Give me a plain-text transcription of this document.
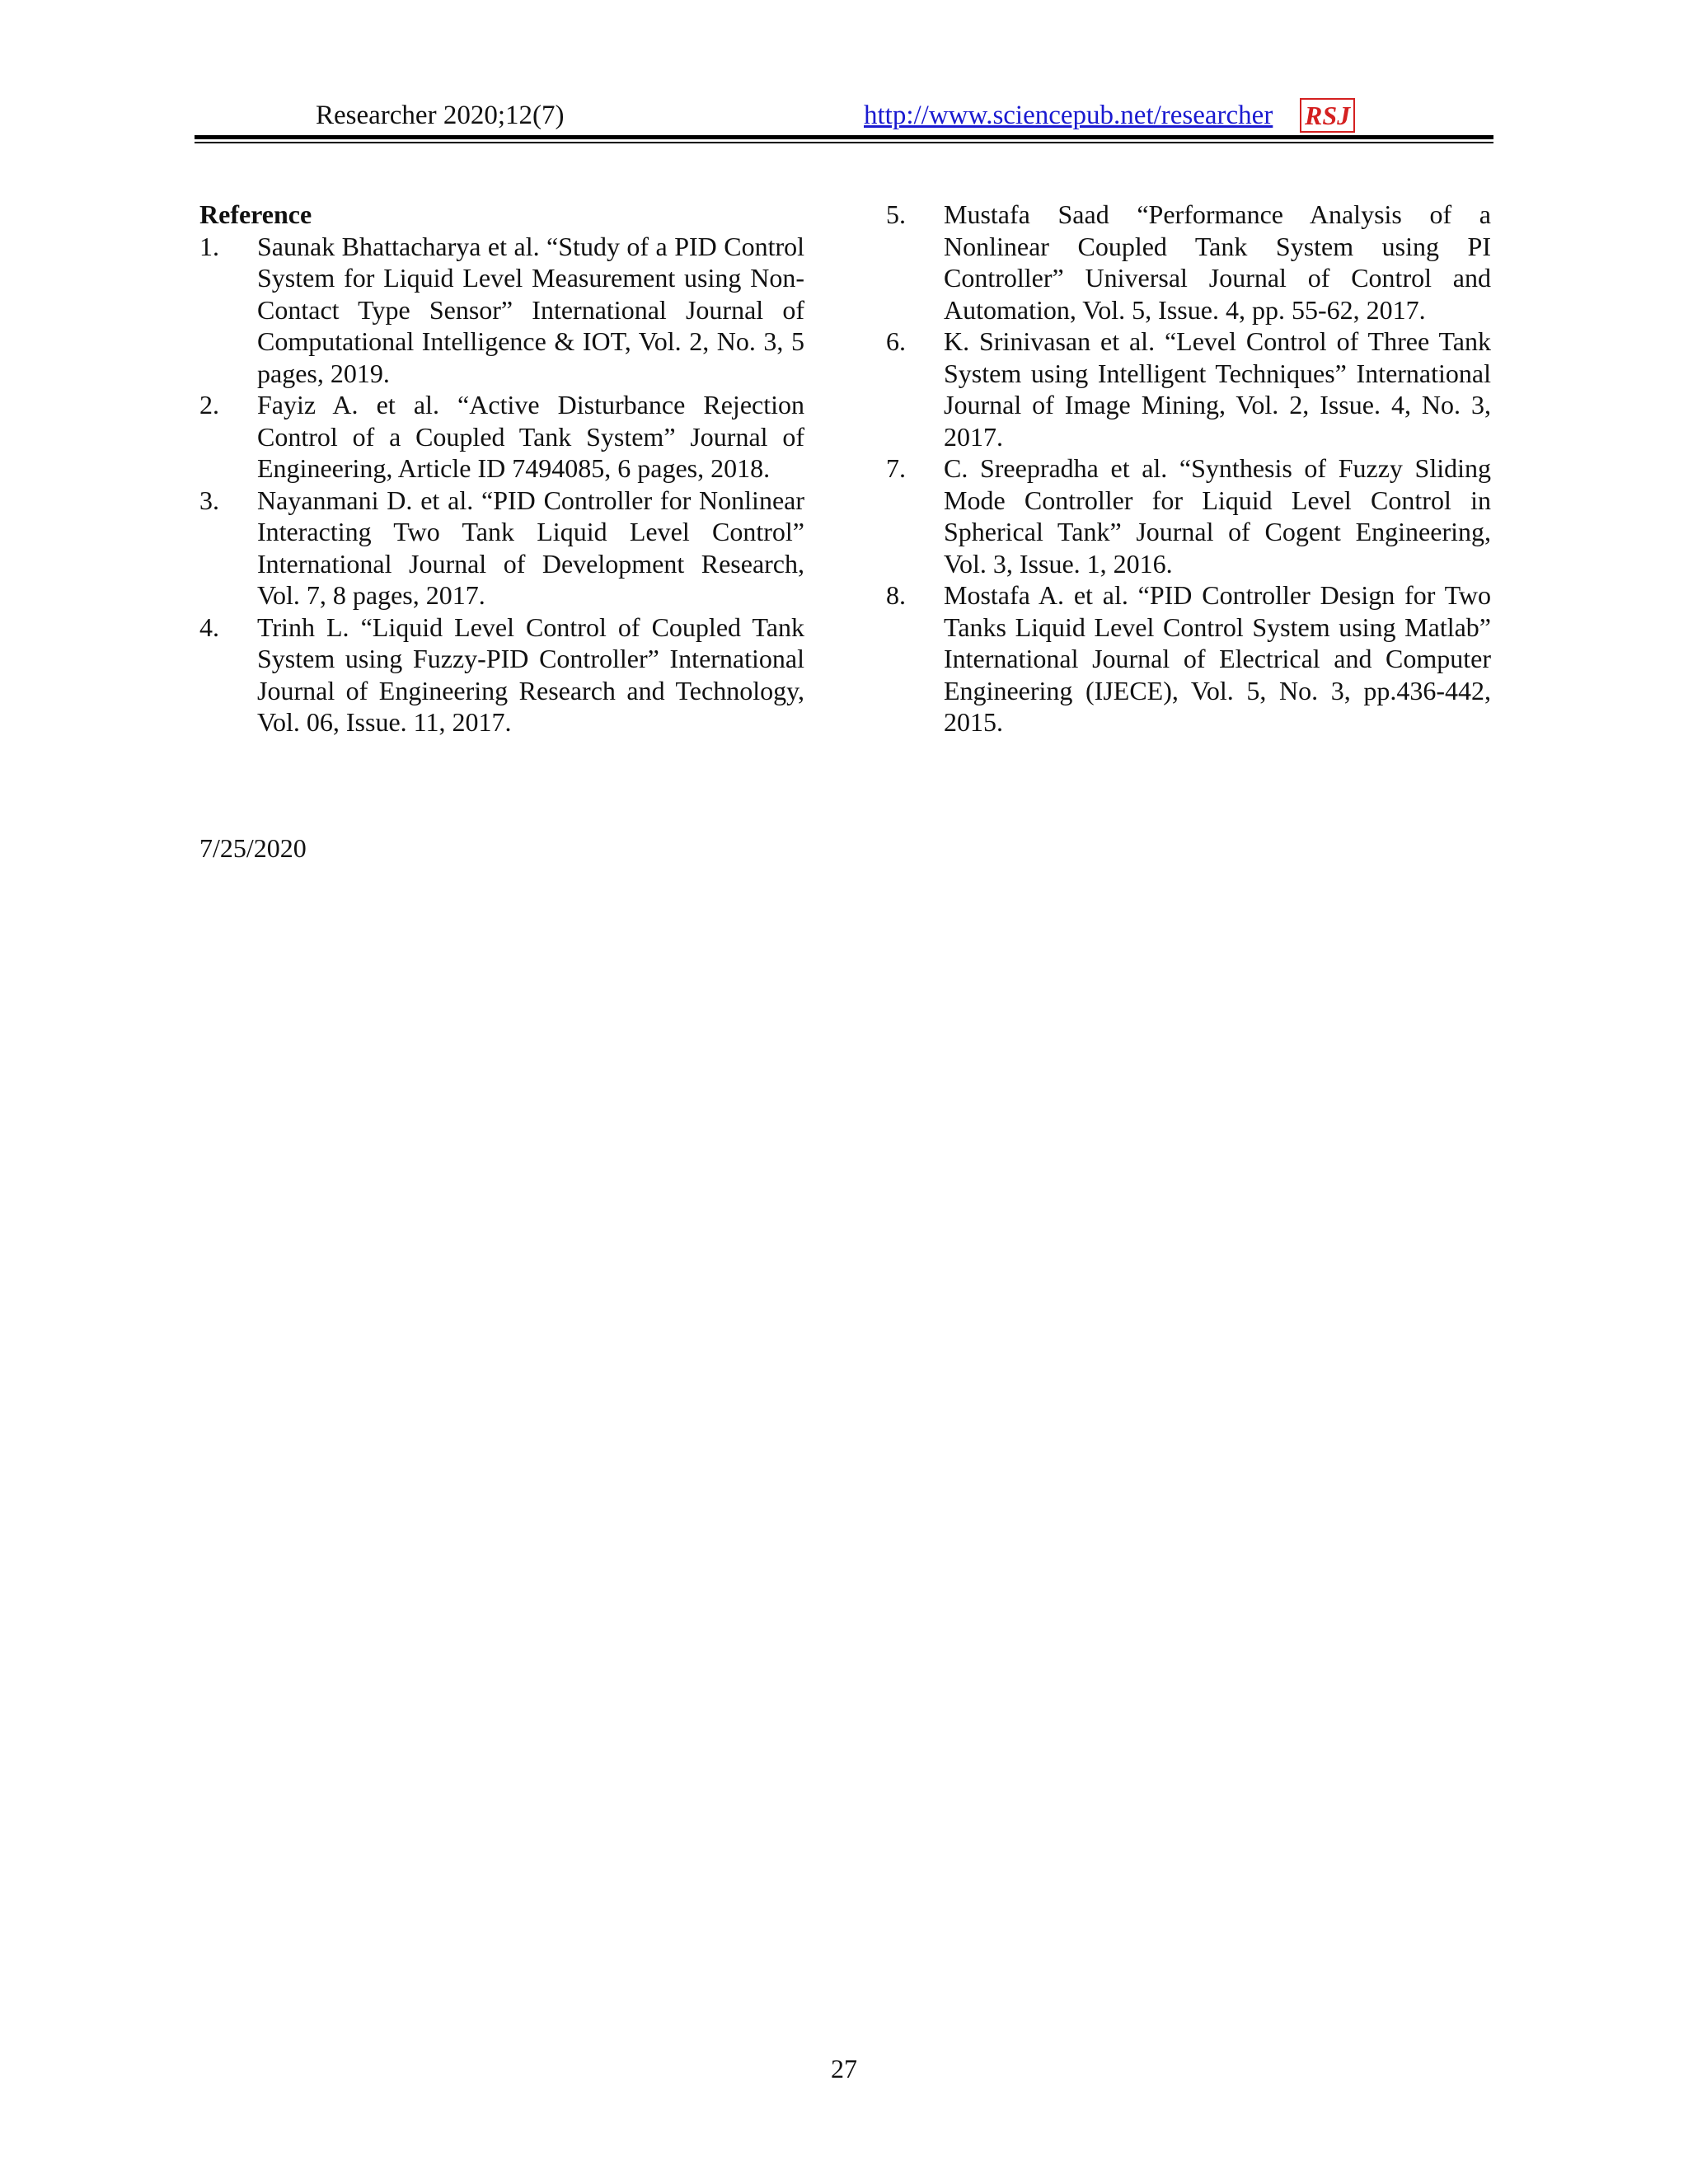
Researcher 2020;12(7)	http://www.sciencepub.net/researcher RSJ
Reference
1. Saunak Bhattacharya et al. “Study of a PID Control System for Liquid Level Measurement using Non-Contact Type Sensor” International Journal of Computational Intelligence & IOT, Vol. 2, No. 3, 5 pages, 2019.
2. Fayiz A. et al. “Active Disturbance Rejection Control of a Coupled Tank System” Journal of Engineering, Article ID 7494085, 6 pages, 2018.
3. Nayanmani D. et al. “PID Controller for Nonlinear Interacting Two Tank Liquid Level Control” International Journal of Development Research, Vol. 7, 8 pages, 2017.
4. Trinh L. “Liquid Level Control of Coupled Tank System using Fuzzy-PID Controller” International Journal of Engineering Research and Technology, Vol. 06, Issue. 11, 2017.
5. Mustafa Saad “Performance Analysis of a Nonlinear Coupled Tank System using PI Controller” Universal Journal of Control and Automation, Vol. 5, Issue. 4, pp. 55-62, 2017.
6. K. Srinivasan et al. “Level Control of Three Tank System using Intelligent Techniques” International Journal of Image Mining, Vol. 2, Issue. 4, No. 3, 2017.
7. C. Sreepradha et al. “Synthesis of Fuzzy Sliding Mode Controller for Liquid Level Control in Spherical Tank” Journal of Cogent Engineering, Vol. 3, Issue. 1, 2016.
8. Mostafa A. et al. “PID Controller Design for Two Tanks Liquid Level Control System using Matlab” International Journal of Electrical and Computer Engineering (IJECE), Vol. 5, No. 3, pp.436-442, 2015.
7/25/2020
27
